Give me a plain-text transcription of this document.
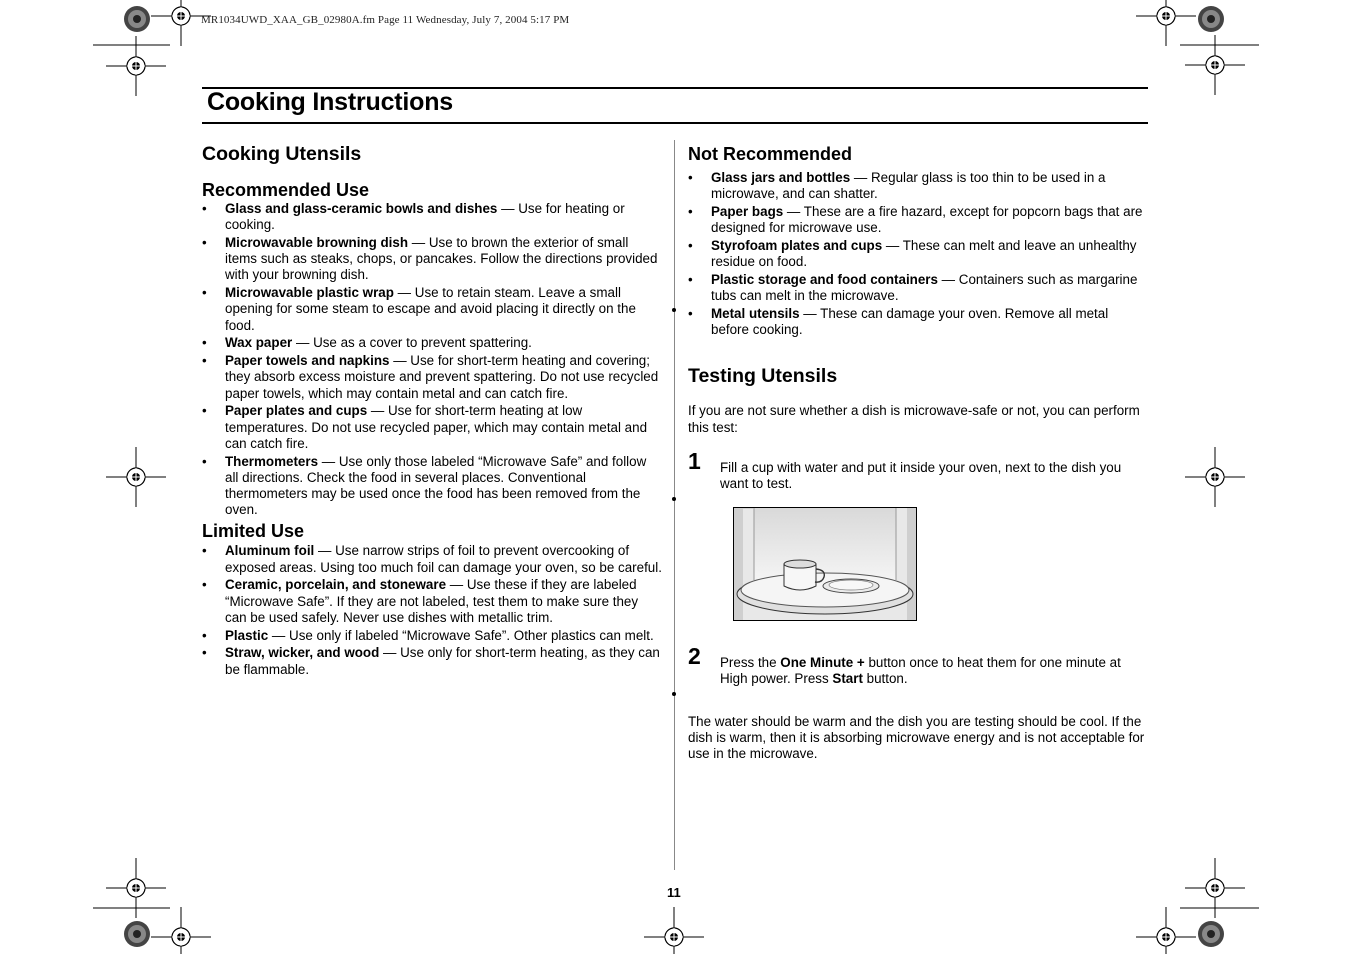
MR1034UWD_XAA_GB_02980A.fm Page 11 Wednesday, July 7, 2004 5:17 PM
Cooking Instructions
Cooking Utensils
Recommended Use
• Glass and glass-ceramic bowls and dishes — Use for heating or cooking.
• Microwavable browning dish — Use to brown the exterior of small items such as steaks, chops, or pancakes. Follow the directions provided with your browning dish.
• Microwavable plastic wrap — Use to retain steam. Leave a small opening for some steam to escape and avoid placing it directly on the food.
• Wax paper — Use as a cover to prevent spattering.
• Paper towels and napkins — Use for short-term heating and covering; they absorb excess moisture and prevent spattering. Do not use recycled paper towels, which may contain metal and can catch fire.
• Paper plates and cups — Use for short-term heating at low temperatures. Do not use recycled paper, which may contain metal and can catch fire.
• Thermometers — Use only those labeled “Microwave Safe” and follow all directions. Check the food in several places. Conventional thermometers may be used once the food has been removed from the oven.
Limited Use
• Aluminum foil — Use narrow strips of foil to prevent overcooking of exposed areas. Using too much foil can damage your oven, so be careful.
• Ceramic, porcelain, and stoneware — Use these if they are labeled “Microwave Safe”. If they are not labeled, test them to make sure they can be used safely. Never use dishes with metallic trim.
• Plastic — Use only if labeled “Microwave Safe”. Other plastics can melt.
• Straw, wicker, and wood — Use only for short-term heating, as they can be flammable.
Not Recommended
• Glass jars and bottles — Regular glass is too thin to be used in a microwave, and can shatter.
• Paper bags — These are a fire hazard, except for popcorn bags that are designed for microwave use.
• Styrofoam plates and cups — These can melt and leave an unhealthy residue on food.
• Plastic storage and food containers — Containers such as margarine tubs can melt in the microwave.
• Metal utensils — These can damage your oven. Remove all metal before cooking.
Testing Utensils

If you are not sure whether a dish is microwave-safe or not, you can perform this test:

1 Fill a cup with water and put it inside your oven, next to the dish you want to test.
2 Press the One Minute + button once to heat them for one minute at High power. Press Start button.

The water should be warm and the dish you are testing should be cool. If the dish is warm, then it is absorbing microwave energy and is not acceptable for use in the microwave.

11
